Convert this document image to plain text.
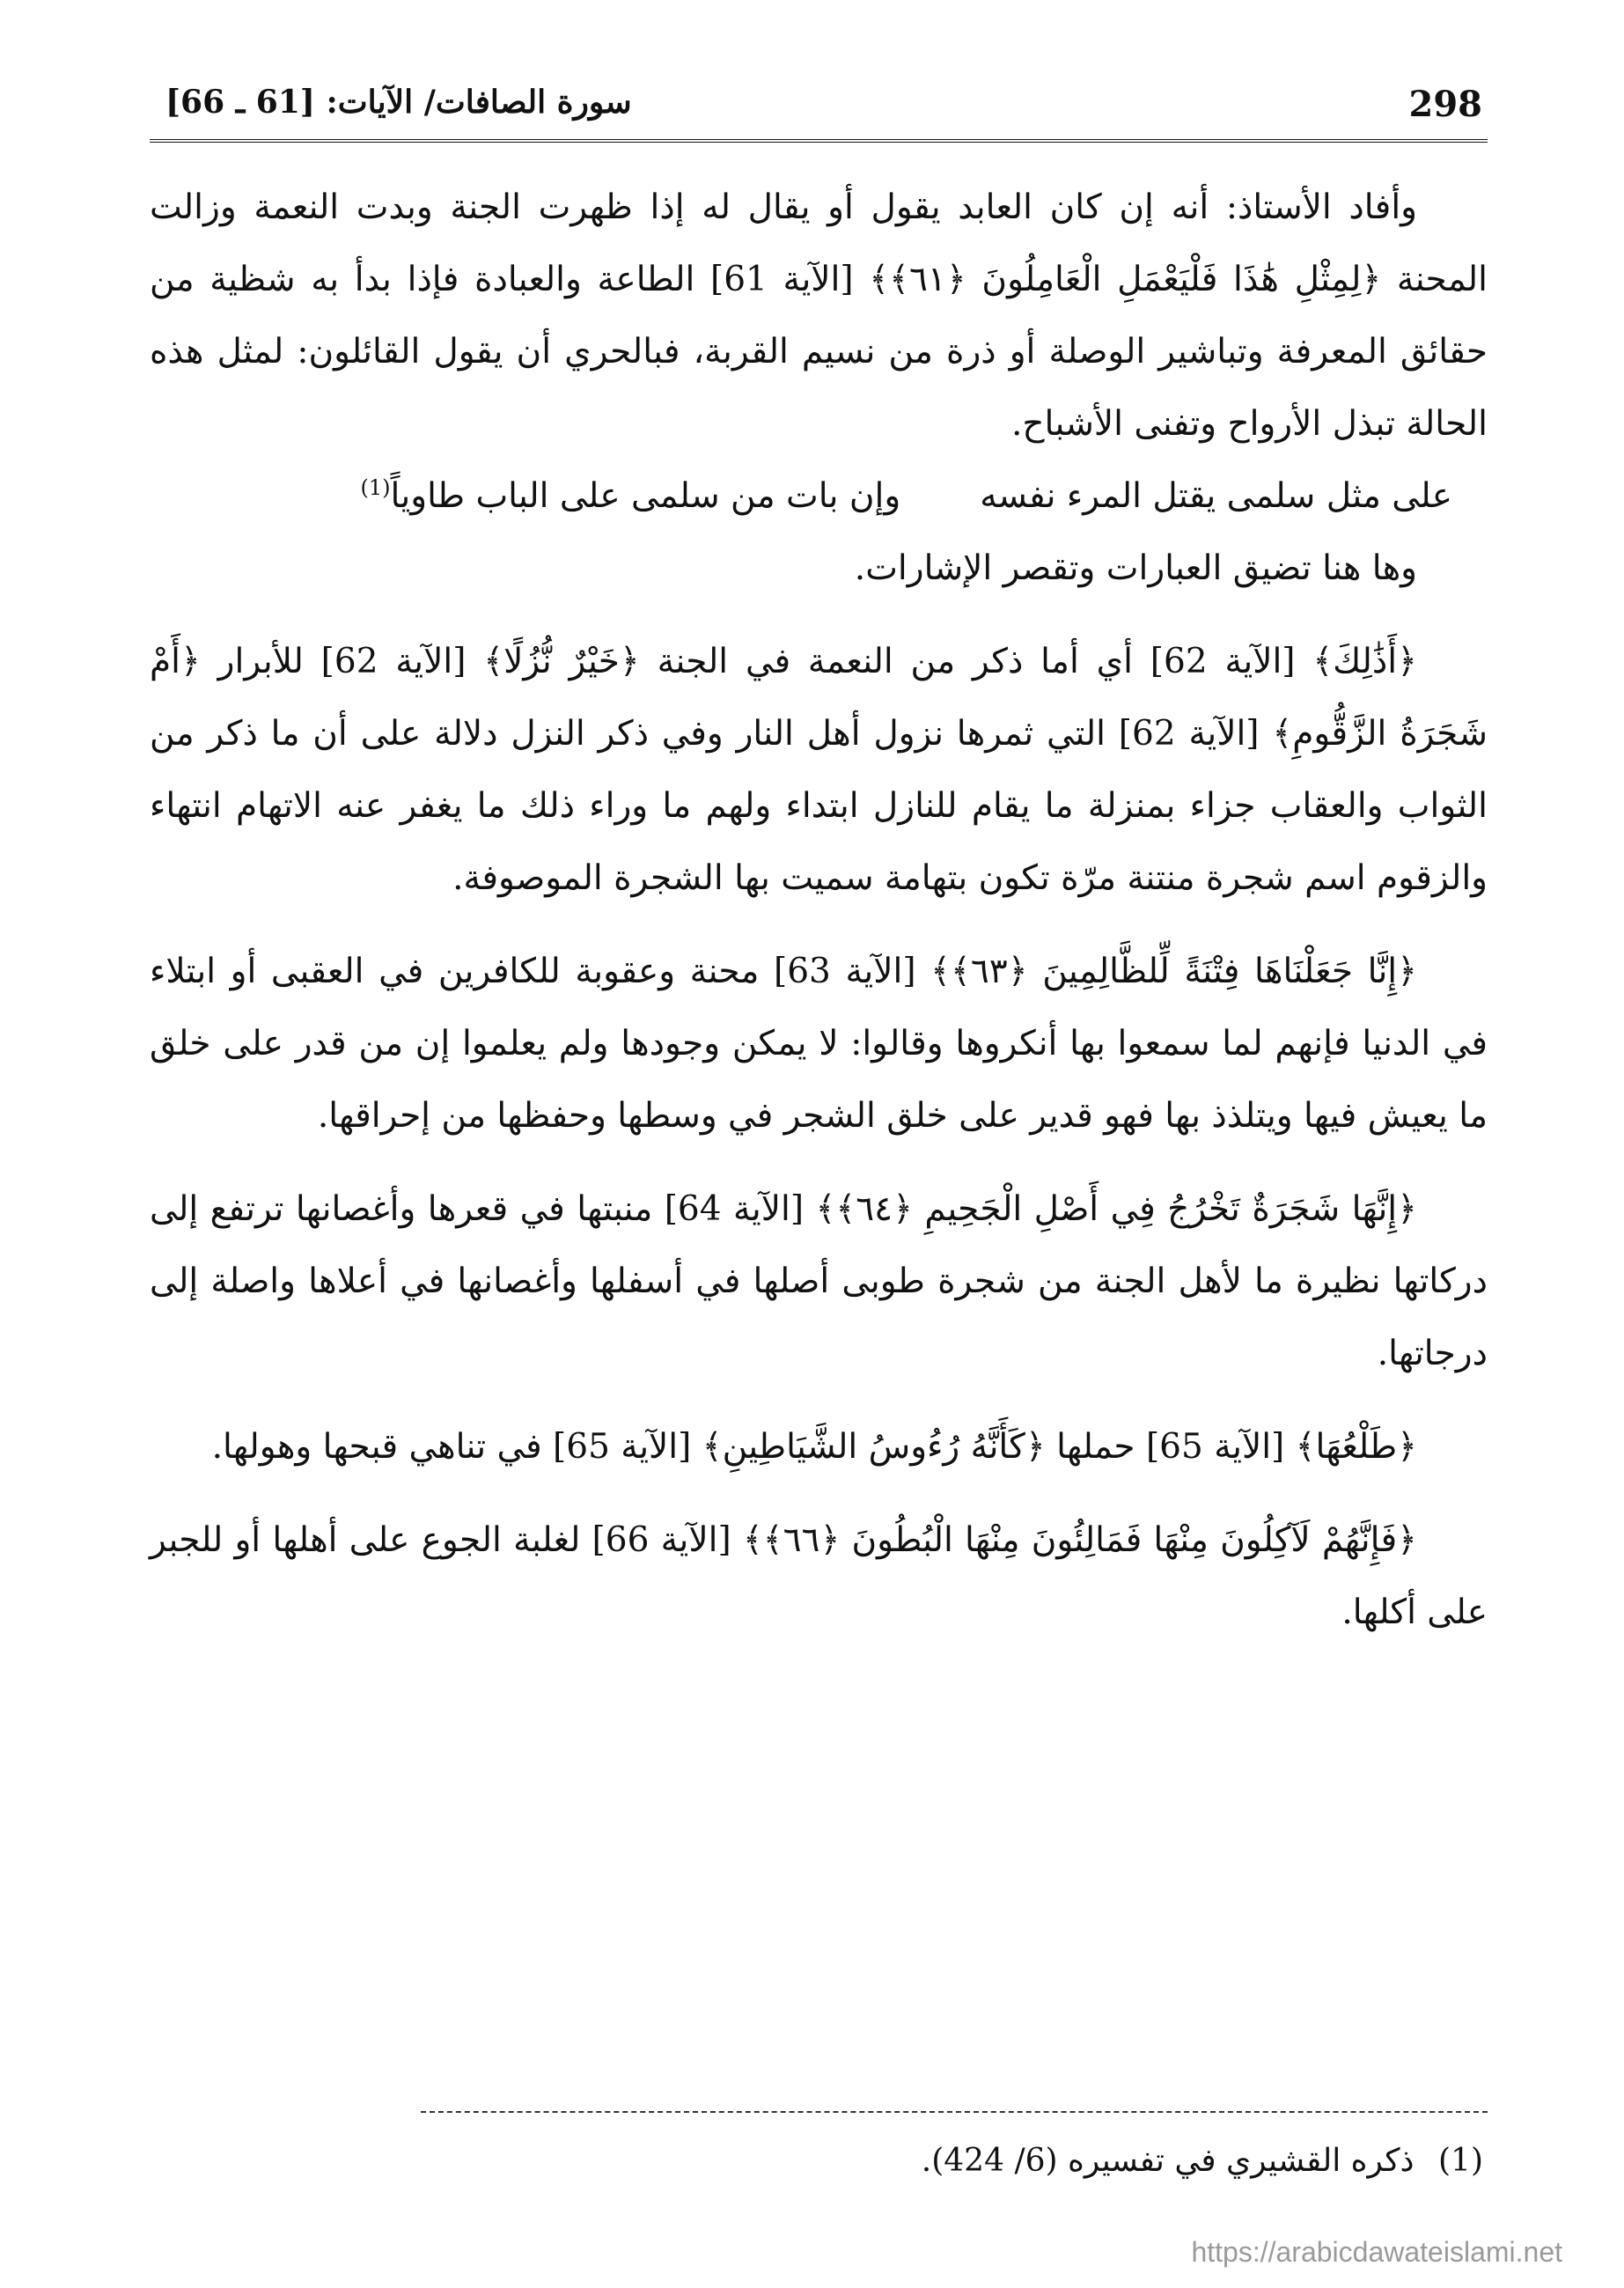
سورة الصافات/ الآيات: [61 ـ 66]	298

وأفاد الأستاذ: أنه إن كان العابد يقول أو يقال له إذا ظهرت الجنة وبدت النعمة وزالت المحنة ﴿لِمِثْلِ هَٰذَا فَلْيَعْمَلِ الْعَامِلُونَ ﴿٦١﴾﴾ [الآية 61] الطاعة والعبادة فإذا بدأ به شظية من حقائق المعرفة وتباشير الوصلة أو ذرة من نسيم القربة، فبالحري أن يقول القائلون: لمثل هذه الحالة تبذل الأرواح وتفنى الأشباح.

على مثل سلمى يقتل المرء نفسه
وإن بات من سلمى على الباب طاوياً$^{(1)}$

وها هنا تضيق العبارات وتقصر الإشارات.

﴿أَذَٰلِكَ﴾ [الآية 62] أي أما ذكر من النعمة في الجنة ﴿خَيْرٌ نُّزُلًا﴾ [الآية 62] للأبرار ﴿أَمْ شَجَرَةُ الزَّقُّومِ﴾ [الآية 62] التي ثمرها نزول أهل النار وفي ذكر النزل دلالة على أن ما ذكر من الثواب والعقاب جزاء بمنزلة ما يقام للنازل ابتداء ولهم ما وراء ذلك ما يغفر عنه الاتهام انتهاء والزقوم اسم شجرة منتنة مرّة تكون بتهامة سميت بها الشجرة الموصوفة.

﴿إِنَّا جَعَلْنَاهَا فِتْنَةً لِّلظَّالِمِينَ ﴿٦٣﴾﴾ [الآية 63] محنة وعقوبة للكافرين في العقبى أو ابتلاء في الدنيا فإنهم لما سمعوا بها أنكروها وقالوا: لا يمكن وجودها ولم يعلموا إن من قدر على خلق ما يعيش فيها ويتلذذ بها فهو قدير على خلق الشجر في وسطها وحفظها من إحراقها.

﴿إِنَّهَا شَجَرَةٌ تَخْرُجُ فِي أَصْلِ الْجَحِيمِ ﴿٦٤﴾﴾ [الآية 64] منبتها في قعرها وأغصانها ترتفع إلى دركاتها نظيرة ما لأهل الجنة من شجرة طوبى أصلها في أسفلها وأغصانها في أعلاها واصلة إلى درجاتها.

﴿طَلْعُهَا﴾ [الآية 65] حملها ﴿كَأَنَّهُ رُءُوسُ الشَّيَاطِينِ﴾ [الآية 65] في تناهي قبحها وهولها.

﴿فَإِنَّهُمْ لَآكِلُونَ مِنْهَا فَمَالِئُونَ مِنْهَا الْبُطُونَ ﴿٦٦﴾﴾ [الآية 66] لغلبة الجوع على أهلها أو للجبر على أكلها.

(1) ذكره القشيري في تفسيره (6/ 424).
https://arabicdawateislami.net
